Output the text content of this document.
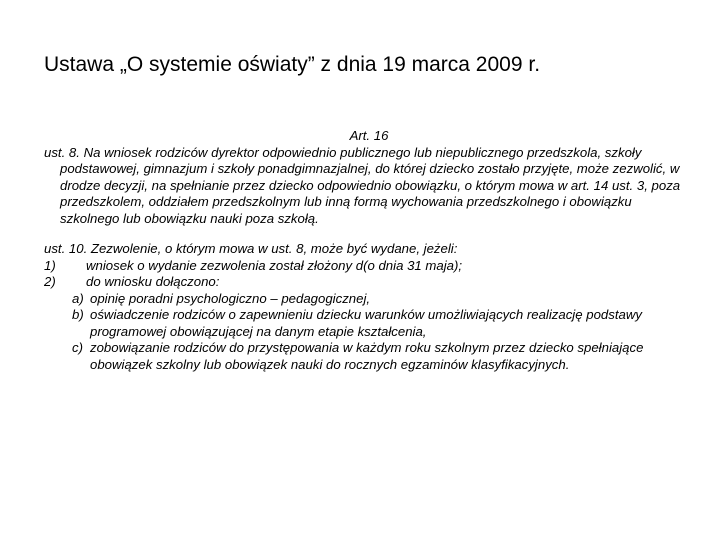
Ustawa „O systemie oświaty” z dnia 19 marca 2009 r.

Art. 16

ust. 8. Na wniosek rodziców dyrektor odpowiednio publicznego lub niepublicznego przedszkola, szkoły podstawowej, gimnazjum i szkoły ponadgimnazjalnej, do której dziecko zostało przyjęte, może zezwolić, w drodze decyzji, na spełnianie przez dziecko odpowiednio obowiązku, o którym mowa w art. 14 ust. 3, poza przedszkolem, oddziałem przedszkolnym lub inną formą wychowania przedszkolnego i obowiązku szkolnego lub obowiązku nauki poza szkołą.

ust. 10. Zezwolenie, o którym mowa w ust. 8, może być wydane, jeżeli:

1)	wniosek o wydanie zezwolenia został złożony d(o dnia 31 maja);
2)	do wniosku dołączono:
a) opinię poradni psychologiczno – pedagogicznej,
b) oświadczenie rodziców o zapewnieniu dziecku warunków umożliwiających realizację podstawy programowej obowiązującej na danym etapie kształcenia,
c) zobowiązanie rodziców do przystępowania w każdym roku szkolnym przez dziecko spełniające obowiązek szkolny lub obowiązek nauki do rocznych egzaminów klasyfikacyjnych.
